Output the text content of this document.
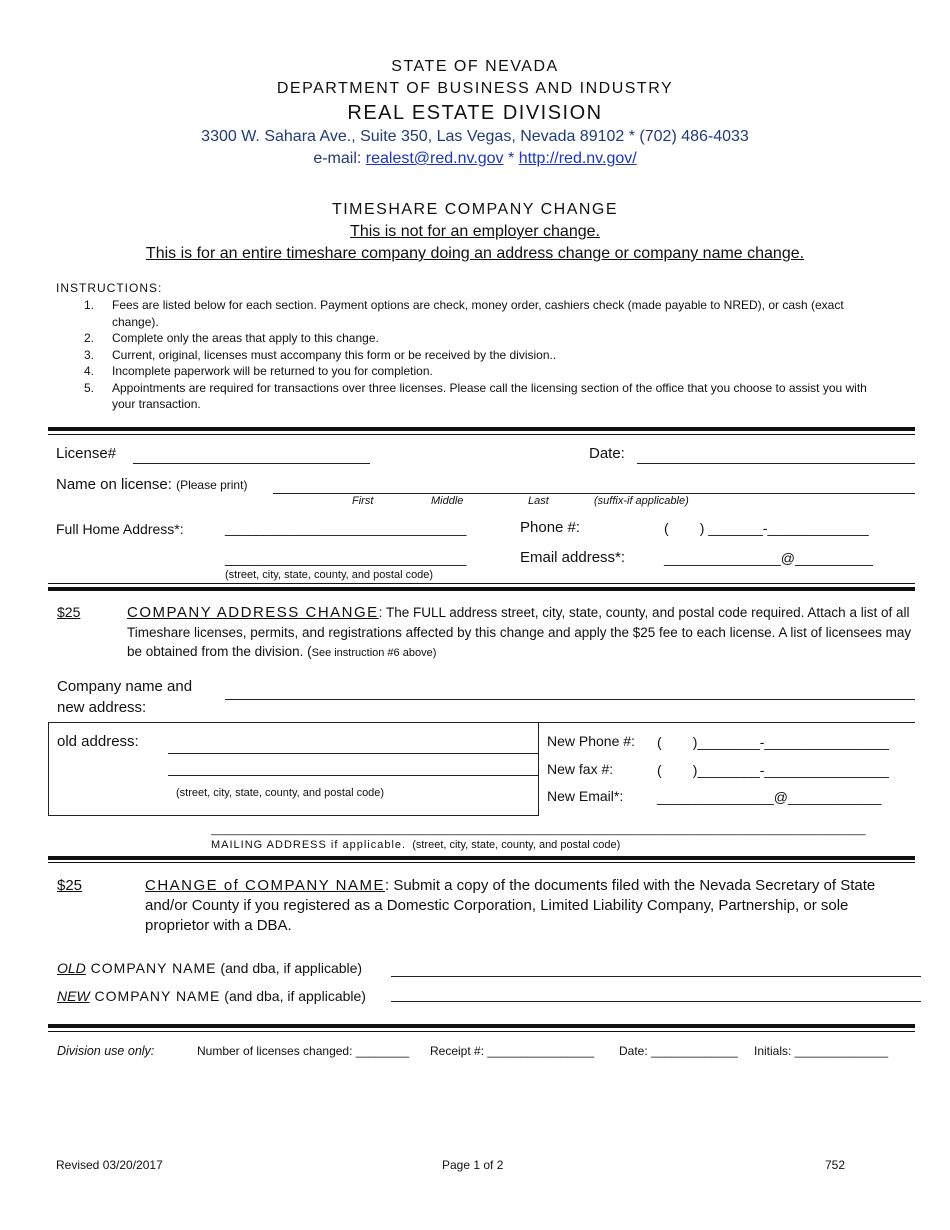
STATE OF NEVADA
DEPARTMENT OF BUSINESS AND INDUSTRY
REAL ESTATE DIVISION
3300 W. Sahara Ave., Suite 350, Las Vegas, Nevada 89102 * (702) 486-4033
e-mail: realest@red.nv.gov * http://red.nv.gov/
TIMESHARE COMPANY CHANGE
This is not for an employer change.
This is for an entire timeshare company doing an address change or company name change.
INSTRUCTIONS:
1. Fees are listed below for each section. Payment options are check, money order, cashiers check (made payable to NRED), or cash (exact change).
2. Complete only the areas that apply to this change.
3. Current, original, licenses must accompany this form or be received by the division..
4. Incomplete paperwork will be returned to you for completion.
5. Appointments are required for transactions over three licenses. Please call the licensing section of the office that you choose to assist you with your transaction.
License#	Date:
Name on license: (Please print)
First	Middle	Last	(suffix-if applicable)
Full Home Address*:	_______________________________
_______________________________
(street, city, state, county, and postal code)
Phone #:	(        ) _______-_____________
Email address*:	_______________@__________
$25	COMPANY ADDRESS CHANGE: The FULL address street, city, state, county, and postal code required. Attach a list of all Timeshare licenses, permits, and registrations affected by this change and apply the $25 fee to each license. A list of licensees may be obtained from the division. (See instruction #6 above)
Company name and
new address:
old address:
(street, city, state, county, and postal code)
New Phone #: (        )________-________________
New fax #:	(        )________-________________
New Email*: _______________@____________
___________________________________________________________________________________________________________
MAILING ADDRESS if applicable. (street, city, state, county, and postal code)
$25	CHANGE of COMPANY NAME: Submit a copy of the documents filed with the Nevada Secretary of State and/or County if you registered as a Domestic Corporation, Limited Liability Company, Partnership, or sole proprietor with a DBA.
OLD COMPANY NAME (and dba, if applicable)
NEW COMPANY NAME (and dba, if applicable)
Division use only:	Number of licenses changed: ________ Receipt #: ________________ Date: _____________ Initials: ______________
Revised 03/20/2017	Page 1 of 2	752
